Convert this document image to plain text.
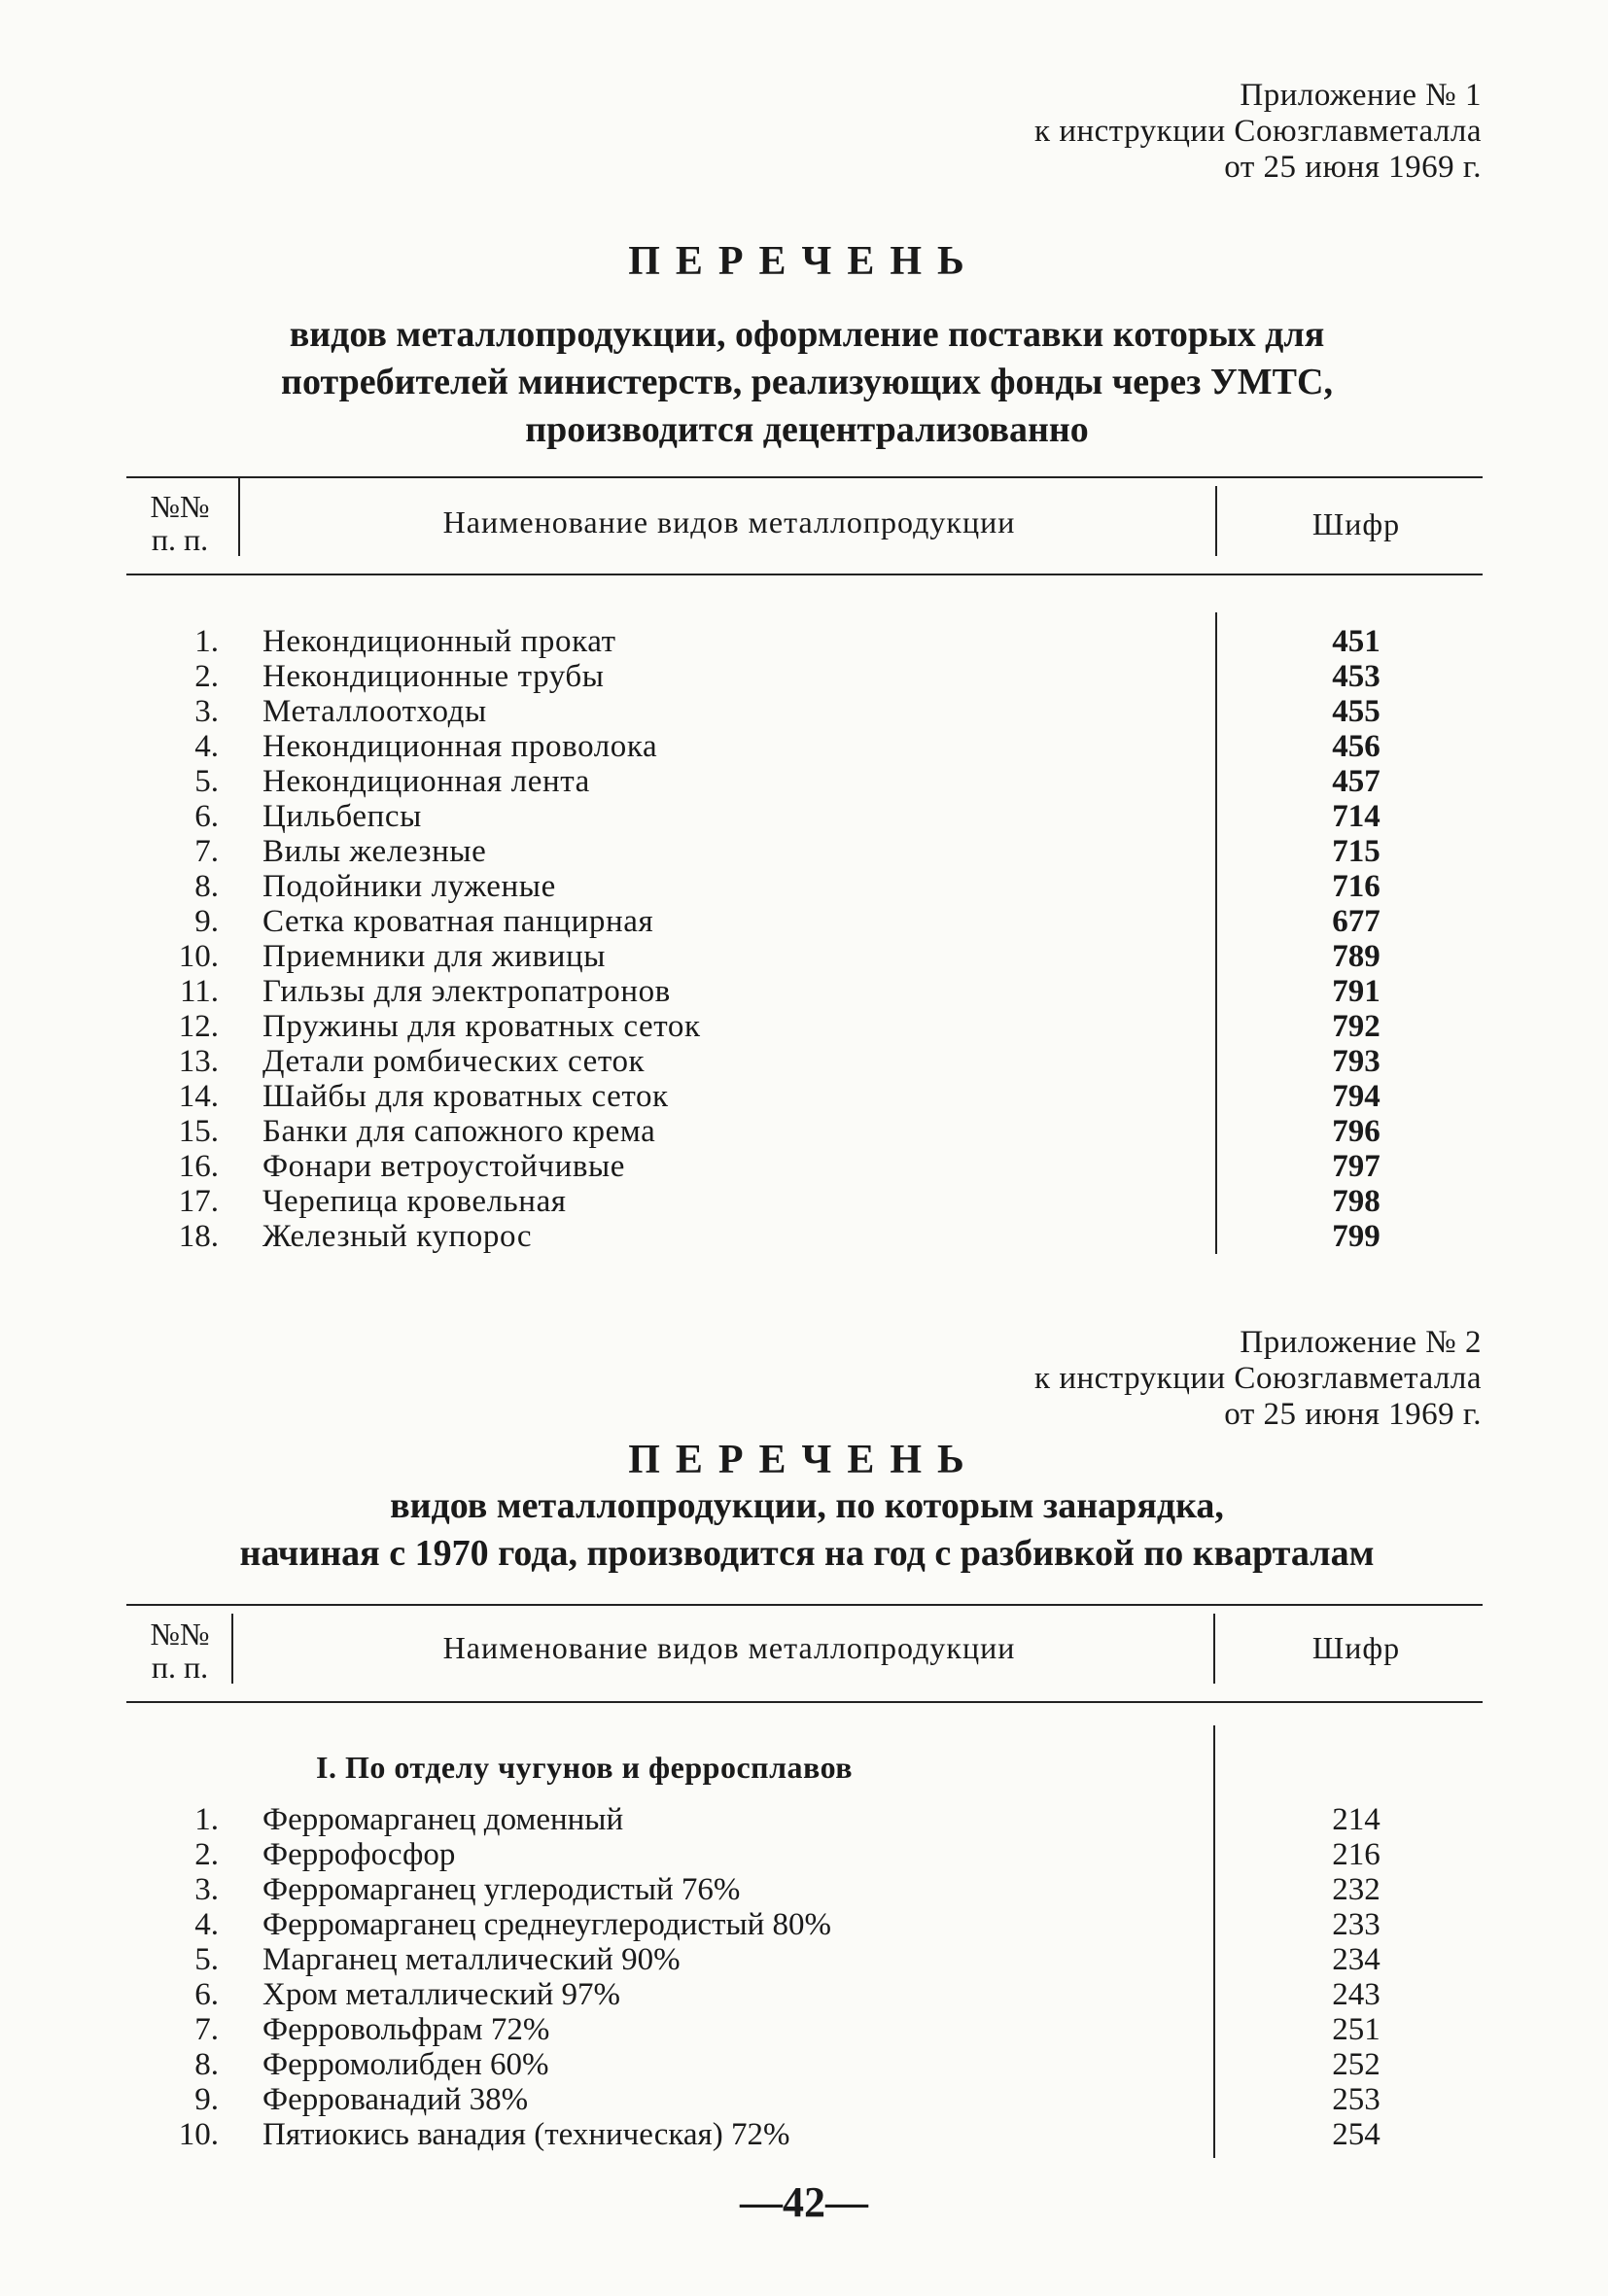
Приложение № 1
к инструкции Союзглавметалла
от 25 июня 1969 г.
ПЕРЕЧЕНЬ
видов металлопродукции, оформление поставки которых для
потребителей министерств, реализующих фонды через УМТС,
производится децентрализованно
№№
п. п.	Наименование видов металлопродукции	Шифр
1. Некондиционный прокат	451
2. Некондиционные трубы	453
3. Металлоотходы	455
4. Некондиционная проволока	456
5. Некондиционная лента	457
6. Цильбепсы	714
7. Вилы железные	715
8. Подойники луженые	716
9. Сетка кроватная панцирная	677
10. Приемники для живицы	789
11. Гильзы для электропатронов	791
12. Пружины для кроватных сеток	792
13. Детали ромбических сеток	793
14. Шайбы для кроватных сеток	794
15. Банки для сапожного крема	796
16. Фонари ветроустойчивые	797
17. Черепица кровельная	798
18. Железный купорос	799
Приложение № 2
к инструкции Союзглавметалла
от 25 июня 1969 г.
ПЕРЕЧЕНЬ
видов металлопродукции, по которым занарядка,
начиная с 1970 года, производится на год с разбивкой по кварталам
№№
п. п.
Наименование видов металлопродукции	Шифр
I. По отделу чугунов и ферросплавов
1. Ферромарганец доменный	214
2. Феррофосфор	216
3. Ферромарганец углеродистый 76%	232
4. Ферромарганец среднеуглеродистый 80%	233
5. Марганец металлический 90%	234
6. Хром металлический 97%	243
7. Ферровольфрам 72%	251
8. Ферромолибден 60%	252
9. Феррованадий 38%	253
10. Пятиокись ванадия (техническая) 72%	254
—42—
